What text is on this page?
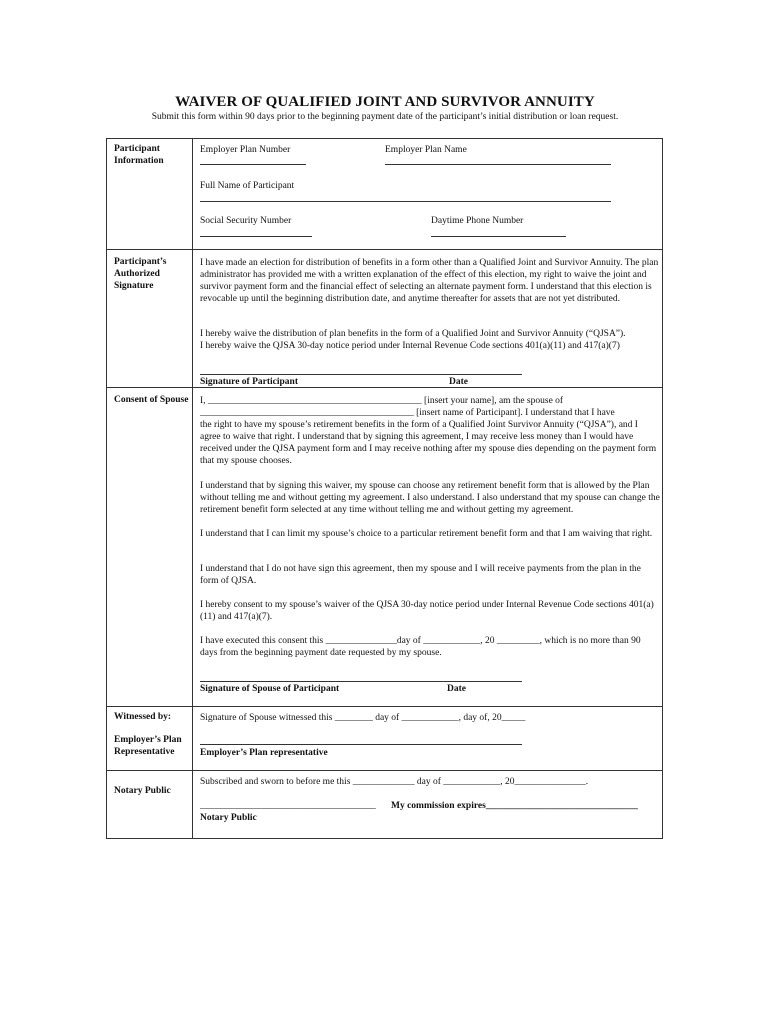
WAIVER OF QUALIFIED JOINT AND SURVIVOR ANNUITY
Submit this form within 90 days prior to the beginning payment date of the participant’s initial distribution or loan request.
Participant Information
Employer Plan Number	Employer Plan Name
Full Name of Participant
Social Security Number	Daytime Phone Number
Participant’s Authorized Signature
I have made an election for distribution of benefits in a form other than a Qualified Joint and Survivor Annuity. The plan administrator has provided me with a written explanation of the effect of this election, my right to waive the joint and survivor payment form and the financial effect of selecting an alternate payment form. I understand that this election is revocable up until the beginning distribution date, and anytime thereafter for assets that are not yet distributed.
I hereby waive the distribution of plan benefits in the form of a Qualified Joint and Survivor Annuity (“QJSA”).
I hereby waive the QJSA 30-day notice period under Internal Revenue Code sections 401(a)(11) and 417(a)(7)
Signature of Participant	Date
Consent of Spouse I, _____________________________________________ [insert your name], am the spouse of
_____________________________________________ [insert name of Participant]. I understand that I have
the right to have my spouse’s retirement benefits in the form of a Qualified Joint Survivor Annuity (“QJSA”), and I agree to waive that right. I understand that by signing this agreement, I may receive less money than I would have received under the QJSA payment form and I may receive nothing after my spouse dies depending on the payment form that my spouse chooses.
I understand that by signing this waiver, my spouse can choose any retirement benefit form that is allowed by the Plan without telling me and without getting my agreement. I also understand. I also understand that my spouse can change the retirement benefit form selected at any time without telling me and without getting my agreement.
I understand that I can limit my spouse’s choice to a particular retirement benefit form and that I am waiving that right.
I understand that I do not have sign this agreement, then my spouse and I will receive payments from the plan in the form of QJSA.
I hereby consent to my spouse’s waiver of the QJSA 30-day notice period under Internal Revenue Code sections 401(a)(11) and 417(a)(7).
I have executed this consent this _______________day of ____________, 20 _________, which is no more than 90 days from the beginning payment date requested by my spouse.
Signature of Spouse of Participant	Date
Witnessed by:
Employer’s Plan Representative
Signature of Spouse witnessed this ________ day of ____________, day of, 20_____
Employer’s Plan representative
Notary Public
Subscribed and sworn to before me this _____________ day of ____________, 20_______________.
_____________________________________ My commission expires________________________________
Notary Public
